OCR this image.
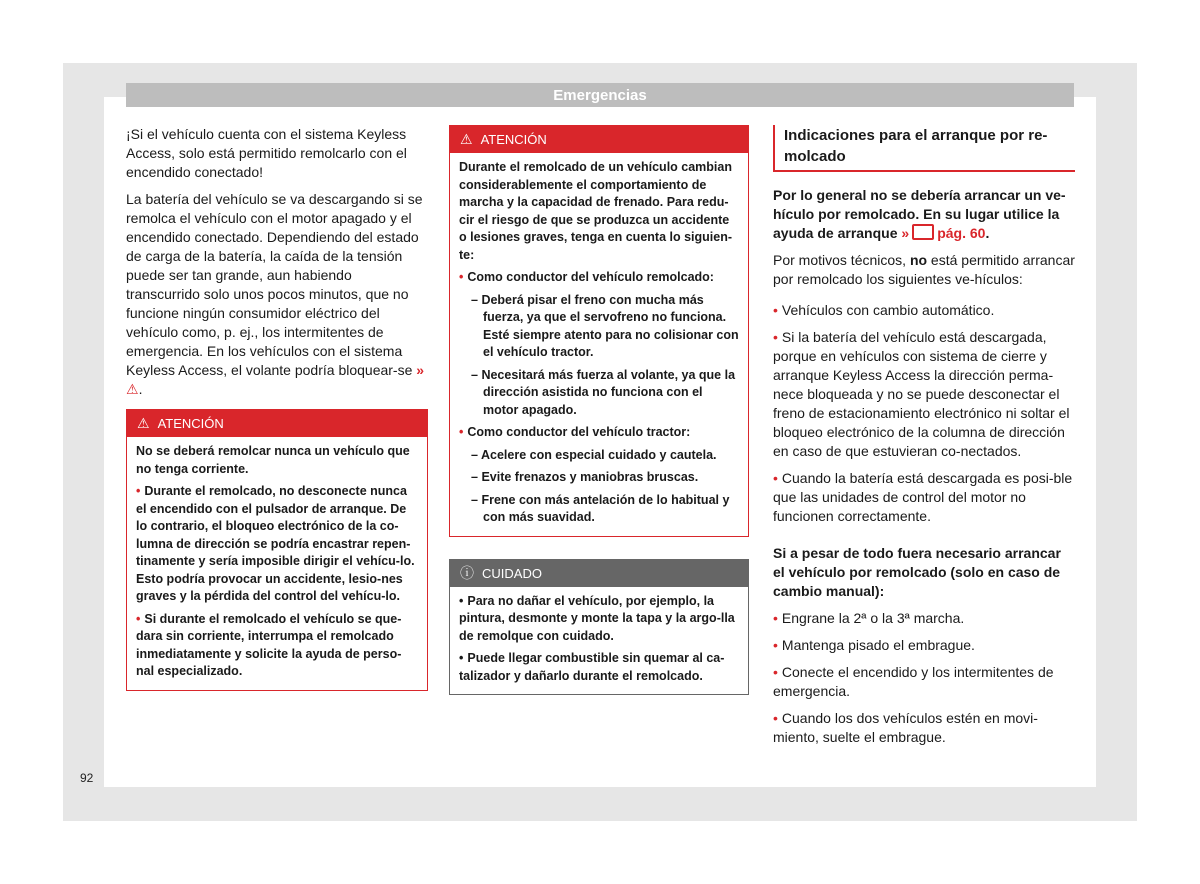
Emergencias
92

¡Si el vehículo cuenta con el sistema Keyless Access, solo está permitido remolcarlo con el encendido conectado!

La batería del vehículo se va descargando si se remolca el vehículo con el motor apagado y el encendido conectado. Dependiendo del estado de carga de la batería, la caída de la tensión puede ser tan grande, aun habiendo transcurrido solo unos pocos minutos, que no funcione ningún consumidor eléctrico del vehículo como, p. ej., los intermitentes de emergencia. En los vehículos con el sistema Keyless Access, el volante podría bloquear-se » ⚠.

⚠ ATENCIÓN

No se deberá remolcar nunca un vehículo que no tenga corriente.

• Durante el remolcado, no desconecte nunca el encendido con el pulsador de arranque. De lo contrario, el bloqueo electrónico de la co-lumna de dirección se podría encastrar repen-tinamente y sería imposible dirigir el vehícu-lo. Esto podría provocar un accidente, lesio-nes graves y la pérdida del control del vehícu-lo.

• Si durante el remolcado el vehículo se que-dara sin corriente, interrumpa el remolcado inmediatamente y solicite la ayuda de perso-nal especializado.

⚠ ATENCIÓN

Durante el remolcado de un vehículo cambian considerablemente el comportamiento de marcha y la capacidad de frenado. Para redu-cir el riesgo de que se produzca un accidente o lesiones graves, tenga en cuenta lo siguien-te:

• Como conductor del vehículo remolcado:

– Deberá pisar el freno con mucha más fuerza, ya que el servofreno no funciona. Esté siempre atento para no colisionar con el vehículo tractor.

– Necesitará más fuerza al volante, ya que la dirección asistida no funciona con el motor apagado.

• Como conductor del vehículo tractor:

– Acelere con especial cuidado y cautela.

– Evite frenazos y maniobras bruscas.

– Frene con más antelación de lo habitual y con más suavidad.

ⓘ CUIDADO

• Para no dañar el vehículo, por ejemplo, la pintura, desmonte y monte la tapa y la argo-lla de remolque con cuidado.

• Puede llegar combustible sin quemar al ca-talizador y dañarlo durante el remolcado.

Indicaciones para el arranque por re-molcado

Por lo general no se debería arrancar un ve-hículo por remolcado. En su lugar utilice la ayuda de arranque » pág. 60.

Por motivos técnicos, no está permitido arrancar por remolcado los siguientes ve-hículos:

• Vehículos con cambio automático.

• Si la batería del vehículo está descargada, porque en vehículos con sistema de cierre y arranque Keyless Access la dirección perma-nece bloqueada y no se puede desconectar el freno de estacionamiento electrónico ni soltar el bloqueo electrónico de la columna de dirección en caso de que estuvieran co-nectados.

• Cuando la batería está descargada es posi-ble que las unidades de control del motor no funcionen correctamente.

Si a pesar de todo fuera necesario arrancar el vehículo por remolcado (solo en caso de cambio manual):

• Engrane la 2ª o la 3ª marcha.

• Mantenga pisado el embrague.

• Conecte el encendido y los intermitentes de emergencia.

• Cuando los dos vehículos estén en movi-miento, suelte el embrague.
